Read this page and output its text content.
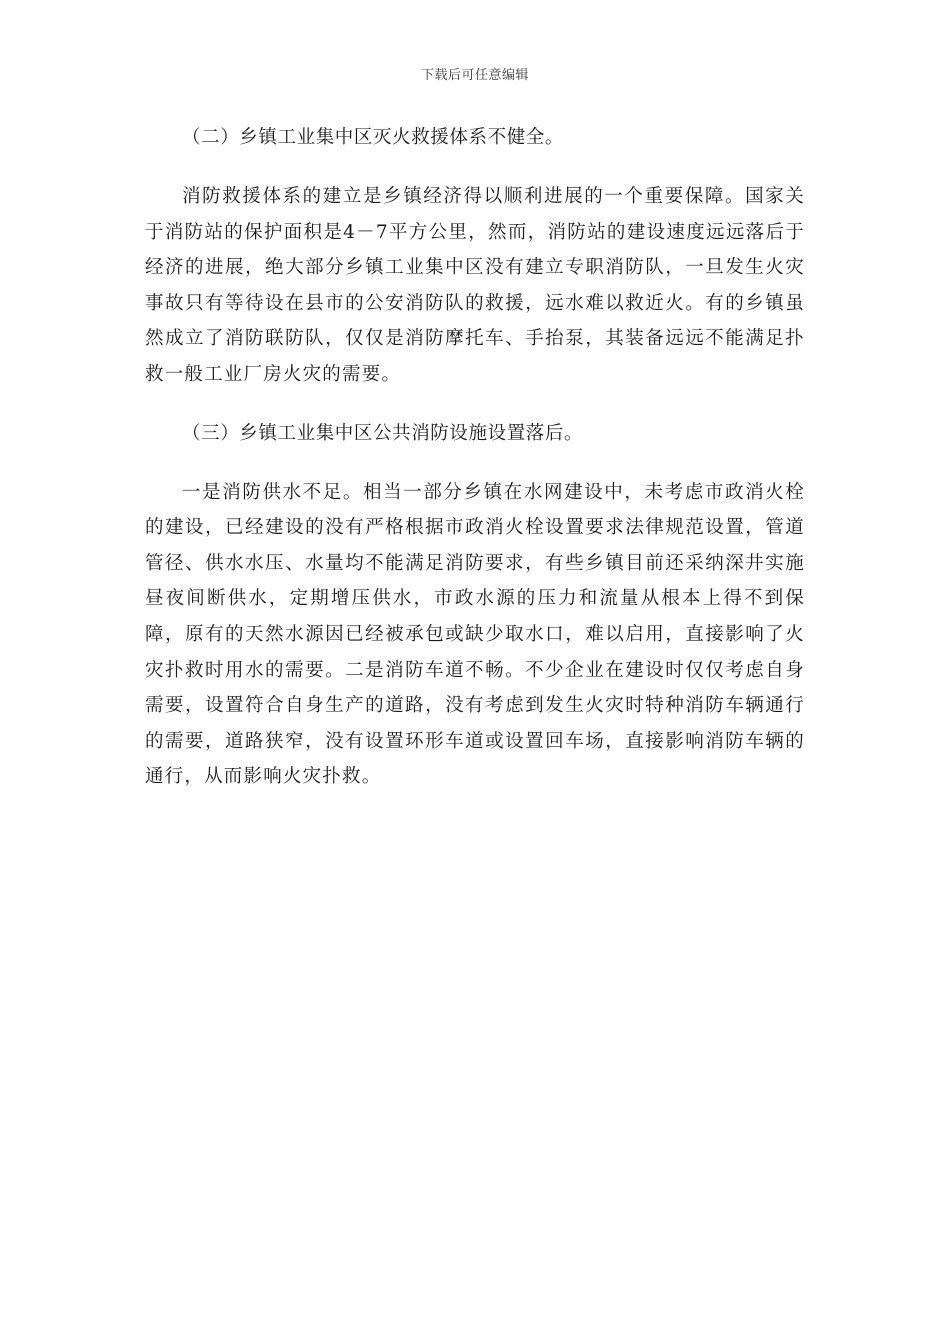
下载后可任意编辑
（二）乡镇工业集中区灭火救援体系不健全。
消防救援体系的建立是乡镇经济得以顺利进展的一个重要保障。国家关于消防站的保护面积是4－7平方公里，然而，消防站的建设速度远远落后于经济的进展，绝大部分乡镇工业集中区没有建立专职消防队，一旦发生火灾事故只有等待设在县市的公安消防队的救援，远水难以救近火。有的乡镇虽然成立了消防联防队，仅仅是消防摩托车、手抬泵，其装备远远不能满足扑救一般工业厂房火灾的需要。
（三）乡镇工业集中区公共消防设施设置落后。
一是消防供水不足。相当一部分乡镇在水网建设中，未考虑市政消火栓的建设，已经建设的没有严格根据市政消火栓设置要求法律规范设置，管道管径、供水水压、水量均不能满足消防要求，有些乡镇目前还采纳深井实施昼夜间断供水，定期增压供水，市政水源的压力和流量从根本上得不到保障，原有的天然水源因已经被承包或缺少取水口，难以启用，直接影响了火灾扑救时用水的需要。二是消防车道不畅。不少企业在建设时仅仅考虑自身需要，设置符合自身生产的道路，没有考虑到发生火灾时特种消防车辆通行的需要，道路狭窄，没有设置环形车道或设置回车场，直接影响消防车辆的通行，从而影响火灾扑救。
